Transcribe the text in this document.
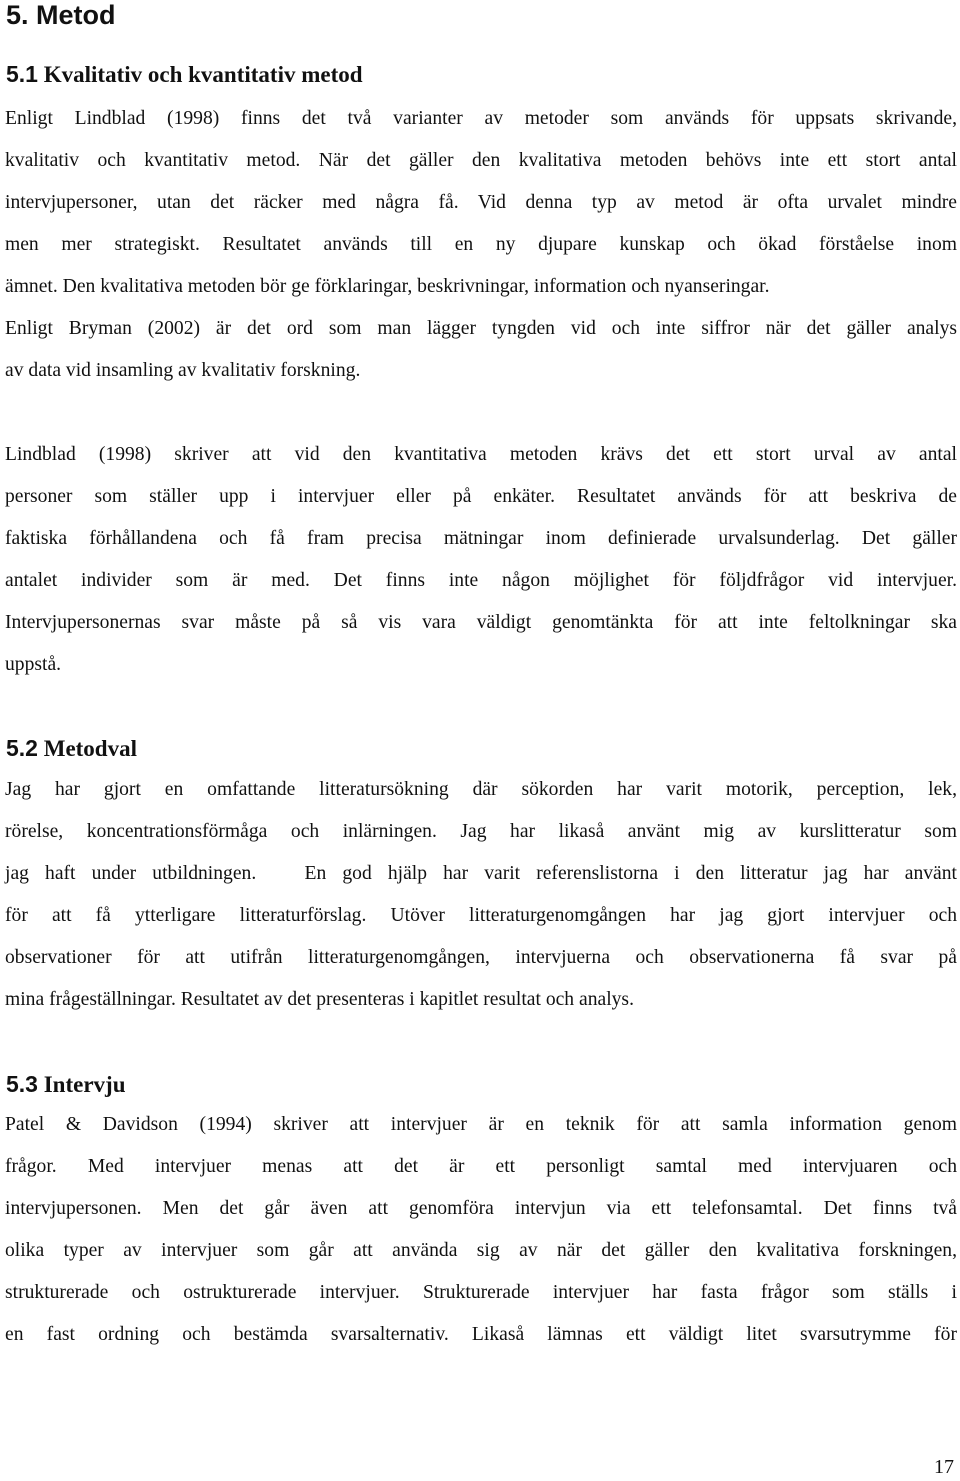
5. Metod
5.1 Kvalitativ och kvantitativ metod
Enligt Lindblad (1998) finns det två varianter av metoder som används för uppsats skrivande,
kvalitativ och kvantitativ metod. När det gäller den kvalitativa metoden behövs inte ett stort antal
intervjupersoner, utan det räcker med några få. Vid denna typ av metod är ofta urvalet mindre
men mer strategiskt. Resultatet används till en ny djupare kunskap och ökad förståelse inom
ämnet. Den kvalitativa metoden bör ge förklaringar, beskrivningar, information och nyanseringar.
Enligt Bryman (2002) är det ord som man lägger tyngden vid och inte siffror när det gäller analys
av data vid insamling av kvalitativ forskning.
Lindblad (1998) skriver att vid den kvantitativa metoden krävs det ett stort urval av antal
personer som ställer upp i intervjuer eller på enkäter. Resultatet används för att beskriva de
faktiska förhållandena och få fram precisa mätningar inom definierade urvalsunderlag. Det gäller
antalet individer som är med. Det finns inte någon möjlighet för följdfrågor vid intervjuer.
Intervjupersonernas svar måste på så vis vara väldigt genomtänkta för att inte feltolkningar ska
uppstå.
5.2 Metodval
Jag har gjort en omfattande litteratursökning där sökorden har varit motorik, perception, lek,
rörelse, koncentrationsförmåga och inlärningen. Jag har likaså använt mig av kurslitteratur som
jag haft under utbildningen.   En god hjälp har varit referenslistorna i den litteratur jag har använt
för att få ytterligare litteraturförslag. Utöver litteraturgenomgången har jag gjort intervjuer och
observationer för att utifrån litteraturgenomgången, intervjuerna och observationerna få svar på
mina frågeställningar. Resultatet av det presenteras i kapitlet resultat och analys.
5.3 Intervju
Patel & Davidson (1994) skriver att intervjuer är en teknik för att samla information genom
frågor. Med intervjuer menas att det är ett personligt samtal med intervjuaren och
intervjupersonen. Men det går även att genomföra intervjun via ett telefonsamtal. Det finns två
olika typer av intervjuer som går att använda sig av när det gäller den kvalitativa forskningen,
strukturerade och ostrukturerade intervjuer. Strukturerade intervjuer har fasta frågor som ställs i
en fast ordning och bestämda svarsalternativ. Likaså lämnas ett väldigt litet svarsutrymme för
17
